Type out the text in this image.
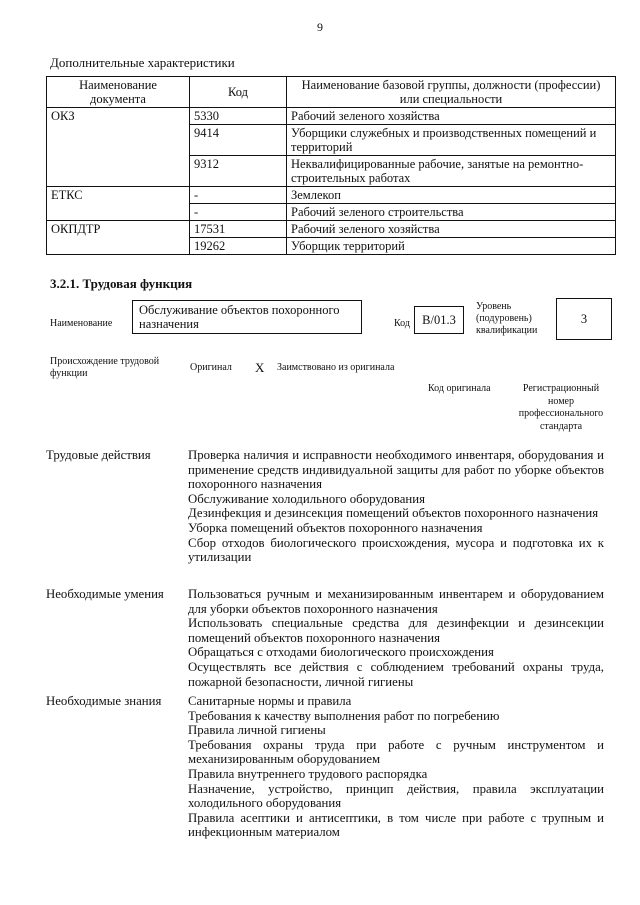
9
Дополнительные характеристики
Наименование документа	Код	Наименование базовой группы, должности (профессии) или специальности
ОКЗ	5330	Рабочий зеленого хозяйства
	9414	Уборщики служебных и производственных помещений и территорий
	9312	Неквалифицированные рабочие, занятые на ремонтно-строительных работах
ЕТКС	-	Землекоп
	-	Рабочий зеленого строительства
ОКПДТР	17531	Рабочий зеленого хозяйства
	19262	Уборщик территорий
3.2.1. Трудовая функция
Наименование
Обслуживание объектов похоронного назначения	Код В/01.3
Уровень (подуровень) квалификации
3
Происхождение трудовой функции
Оригинал X Заимствовано из оригинала
Код оригинала	Регистрационный номер профессионального стандарта
Трудовые действия	Проверка наличия и исправности необходимого инвентаря, оборудования и применение средств индивидуальной защиты для работ по уборке объектов похоронного назначения

Обслуживание холодильного оборудования

Дезинфекция и дезинсекция помещений объектов похоронного назначения

Уборка помещений объектов похоронного назначения

Сбор отходов биологического происхождения, мусора и подготовка их к утилизации

Необходимые умения	Пользоваться ручным и механизированным инвентарем и оборудованием для уборки объектов похоронного назначения

Использовать специальные средства для дезинфекции и дезинсекции помещений объектов похоронного назначения

Обращаться с отходами биологического происхождения

Осуществлять все действия с соблюдением требований охраны труда, пожарной безопасности, личной гигиены

Необходимые знания	Санитарные нормы и правила

Требования к качеству выполнения работ по погребению

Правила личной гигиены

Требования охраны труда при работе с ручным инструментом и механизированным оборудованием

Правила внутреннего трудового распорядка

Назначение, устройство, принцип действия, правила эксплуатации холодильного оборудования

Правила асептики и антисептики, в том числе при работе с трупным и инфекционным материалом
